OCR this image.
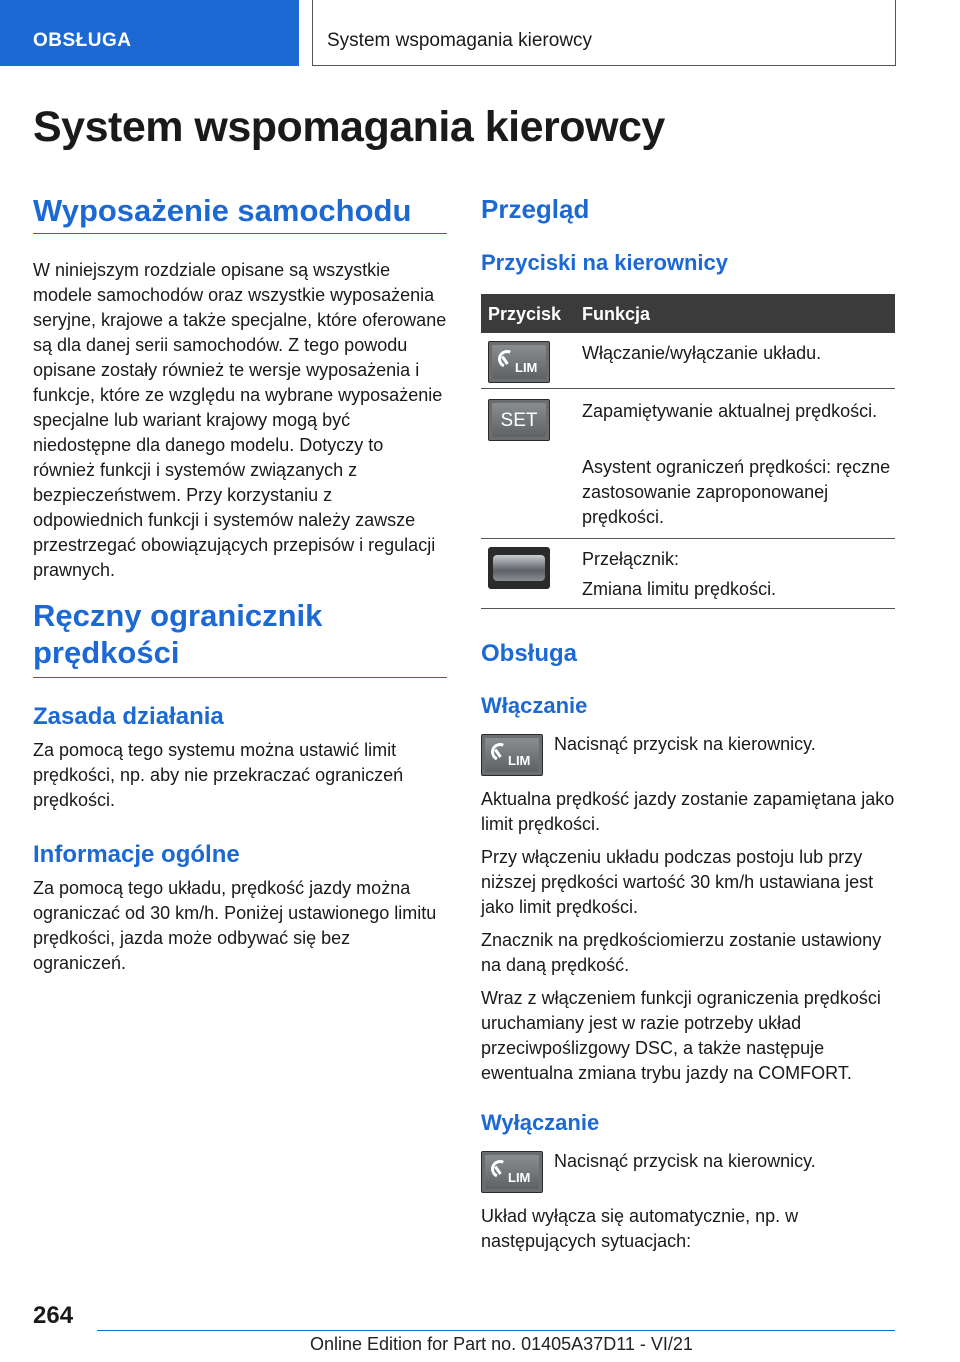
OBSŁUGA	System wspomagania kierowcy
System wspomagania kierowcy
Wyposażenie samochodu

W niniejszym rozdziale opisane są wszystkie modele samochodów oraz wszystkie wyposażenia seryjne, krajowe a także specjalne, które oferowane są dla danej serii samochodów. Z tego powodu opisane zostały również te wersje wyposażenia i funkcje, które ze względu na wybrane wyposażenie specjalne lub wariant krajowy mogą być niedostępne dla danego modelu. Dotyczy to również funkcji i systemów związanych z bezpieczeństwem. Przy korzystaniu z odpowiednich funkcji i systemów należy zawsze przestrzegać obowiązujących przepisów i regulacji prawnych.

Ręczny ogranicznik prędkości
Zasada działania

Za pomocą tego systemu można ustawić limit prędkości, np. aby nie przekraczać ograniczeń prędkości.

Informacje ogólne

Za pomocą tego układu, prędkość jazdy można ograniczać od 30 km/h. Poniżej ustawionego limitu prędkości, jazda może odbywać się bez ograniczeń.

Przegląd
Przyciski na kierownicy
Przycisk Funkcja
LIM
Włączanie/wyłączanie układu.
SET	Zapamiętywanie aktualnej prędkości.
Asystent ograniczeń prędkości: ręczne zastosowanie zaproponowanej prędkości.
Przełącznik:
Zmiana limitu prędkości.
Obsługa
Włączanie
LIM

Nacisnąć przycisk na kierownicy.

Aktualna prędkość jazdy zostanie zapamiętana jako limit prędkości.

Przy włączeniu układu podczas postoju lub przy niższej prędkości wartość 30 km/h ustawiana jest jako limit prędkości.

Znacznik na prędkościomierzu zostanie ustawiony na daną prędkość.

Wraz z włączeniem funkcji ograniczenia prędkości uruchamiany jest w razie potrzeby układ przeciwpoślizgowy DSC, a także następuje ewentualna zmiana trybu jazdy na COMFORT.

Wyłączanie
LIM

Nacisnąć przycisk na kierownicy.

Układ wyłącza się automatycznie, np. w następujących sytuacjach:

264
Online Edition for Part no. 01405A37D11 - VI/21
